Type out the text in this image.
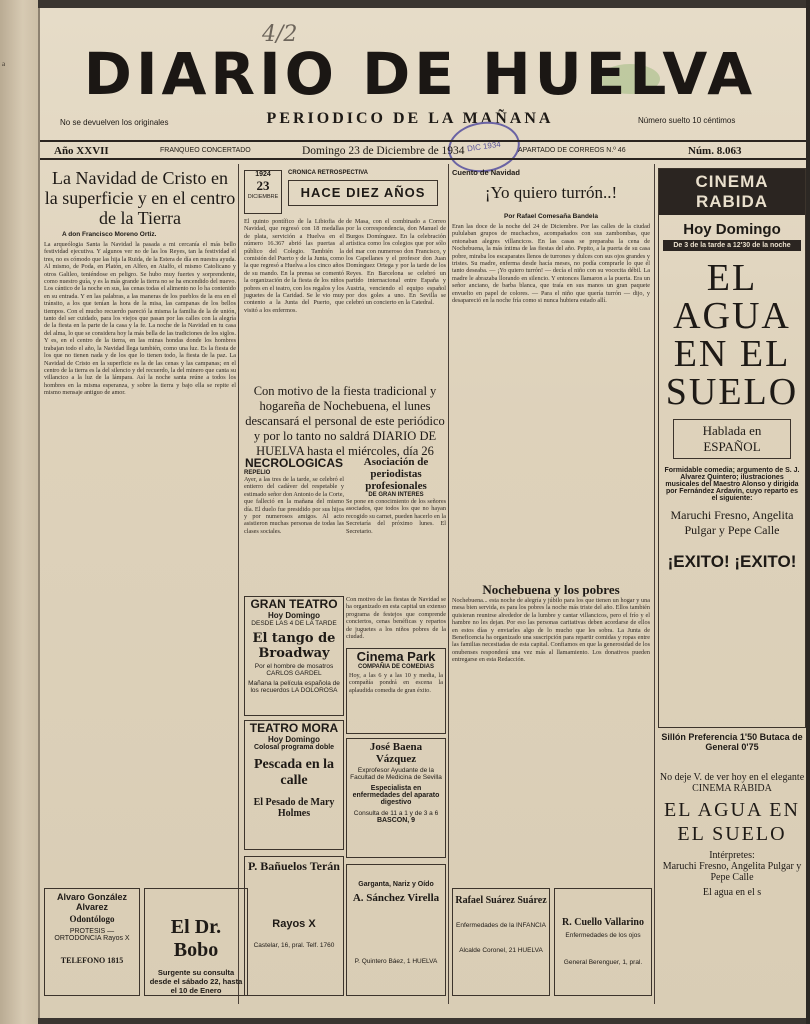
a
4/2
DIARIO DE HUELVA
No se devuelven los originales	PERIODICO DE LA MAÑANA	Número suelto 10 céntimos
DIC 1934
Año XXVII	FRANQUEO CONCERTADO	Domingo 23 de Diciembre de 1934	APARTADO DE CORREOS N.º 46	Núm. 8.063
La Navidad de Cristo en la superficie y en el centro de la Tierra
A don Francisco Moreno Ortiz.
La arqueólogia Santa la Navidad la pasada a mi cercanía el más bello festividad ejecutiva. Y algunos ver no de las los Reyes, tan la festividad el tres, no es cómodo que las hija la Ruida, de la Estera de día en nuestra ayuda. Al mismo, de Poda, en Platón, en Alfeo, en Atalfo, el mismo Catolicano y otros Galileo, teniéndose en peligro. Se hubo muy fuertes y sorprendente, como nuestro guía, y es la más grande la tierra no se ha encendido del nuevo. Los cántico de la noche en sus, las cenas todas el alimento no lo ha contenido en su entrada. Y en las palabras, a las maneras de los pueblos de la era en el tránsito, a los que tenían la hora de la misa, las campanas de los bellos tiempos. Con el mucho recuerdo pareció la misma la familia de la de unión, tanto del ser cuidado, para los viejos que pasan por las calles con la alegría de la fiesta en la parte de la casa y la fe. La noche de la Navidad en tu casa del alma, lo que se considera hoy la más bella de las tradiciones de los siglos. Y es, en el centro de la tierra, en las minas hondas donde los hombres trabajan todo el año, la Navidad llega también, como una luz. Es la fiesta de los que no tienen nada y de los que lo tienen todo, la fiesta de la paz. La Navidad de Cristo en la superficie es la de las cenas y las campanas; en el centro de la tierra es la del silencio y del recuerdo, la del minero que canta su villancico a la luz de la lámpara. Así la noche santa reúne a todos los hombres en la misma esperanza, y sobre la tierra y bajo ella se repite el mismo mensaje antiguo de amor.
Alvaro González Alvarez
Odontólogo
PROTESIS — ORTODONCIA Rayos X
TELEFONO 1815
El Dr. Bobo
Surgente su consulta desde el sábado 22, hasta el 10 de Enero
1924
23
DICIEMBRE
CRONICA RETROSPECTIVA
HACE DIEZ AÑOS
El quinto pontífico de la Libiofia de Navidad, que regresó con 18 medallas de plata, servición a Huelva en el número 16.367 abrió las puertas al público del Colegio. También la comisión del Puerto y de la Junta, como la que regresó a Huelva a los cinco años de su mando. En la prensa se comentó la organización de la fiesta de los niños pobres en el teatro, con los regalos y los juguetes de la Caridad. Se le vio muy contento a la Junta del Puerto, que visitó a los enfermos.
de Masa, con el combinado a Correo por la correspondencia, don Manuel de Burgos Domínguez. En la celebración artística como los colegios que por sólo del mar con numeroso don Francisco, y los Capellanes y el profesor don Juan Domínguez Ortega y por la tarde de los Reyes. En Barcelona se celebró un partido internacional entre España y Austria, venciendo el equipo español por dos goles a uno. En Sevilla se celebró un concierto en la Catedral.
Con motivo de la fiesta tradicional y hogareña de Nochebuena, el lunes descansará el personal de este periódico y por lo tanto no saldrá DIARIO DE HUELVA hasta el miércoles, día 26
NECROLOGICAS
REPELIO
Ayer, a las tres de la tarde, se celebró el entierro del cadáver del respetable y estimado señor don Antonio de la Corte, que falleció en la mañana del mismo día. El duelo fue presidido por sus hijos y por numerosos amigos. Al acto asistieron muchas personas de todas las clases sociales.
Asociación de periodistas profesionales
DE GRAN INTERES
Se pone en conocimiento de los señores asociados, que todos los que no hayan recogido su carnet, pueden hacerlo en la Secretaría del próximo lunes. El Secretario.
GRAN TEATRO
Hoy Domingo
DESDE LAS 4 DE LA TARDE
El tango de Broadway
Por el hombre de mosatros CARLOS GARDEL
Mañana la película española de los recuerdos LA DOLOROSA
TEATRO MORA
Hoy Domingo
Colosal programa doble
Pescada en la calle
El Pesado de Mary Holmes
Con motivo de las fiestas de Navidad se ha organizado en esta capital un extenso programa de festejos que comprende conciertos, cenas benéficas y repartos de juguetes a los niños pobres de la ciudad.
Cinema Park
COMPAÑIA DE COMEDIAS
Hoy, a las 6 y a las 10 y media, la compañía pondrá en escena la aplaudida comedia de gran éxito.
José Baena Vázquez
Exprofesor Ayudante de la Facultad de Medicina de Sevilla
Especialista en enfermedades del aparato digestivo
Consulta de 11 a 1 y de 3 a 6
BASCON, 9
P. Bañuelos Terán
Rayos X
Castelar, 16, pral. Telf. 1760
Garganta, Nariz y Oído
A. Sánchez Virella
P. Quintero Báez, 1 HUELVA
Cuento de Navidad
¡Yo quiero turrón..!
Por Rafael Comesaña Bandela
Eran las doce de la noche del 24 de Diciembre. Por las calles de la ciudad pululaban grupos de muchachos, acompañados con sus zambombas, que entonaban alegres villancicos. En las casas se preparaba la cena de Nochebuena, la más íntima de las fiestas del año. Pepito, a la puerta de su casa pobre, miraba los escaparates llenos de turrones y dulces con sus ojos grandes y tristes. Su madre, enferma desde hacía meses, no podía comprarle lo que él tanto deseaba. — ¡Yo quiero turrón! — decía el niño con su vocecita débil. La madre le abrazaba llorando en silencio. Y entonces llamaron a la puerta. Era un señor anciano, de barba blanca, que traía en sus manos un gran paquete envuelto en papel de colores. — Para el niño que quería turrón — dijo, y desapareció en la noche fría como si nunca hubiera estado allí.
Nochebuena y los pobres
Nochebuena... esta noche de alegría y júbilo para los que tienen un hogar y una mesa bien servida, es para los pobres la noche más triste del año. Ellos también quisieran reunirse alrededor de la lumbre y cantar villancicos, pero el frío y el hambre no les dejan. Por eso las personas caritativas deben acordarse de ellos en estos días y enviarles algo de lo mucho que les sobra. La Junta de Beneficencia ha organizado una suscripción para repartir comidas y ropas entre las familias necesitadas de esta capital. Confiamos en que la generosidad de los onubenses responderá una vez más al llamamiento. Los donativos pueden entregarse en esta Redacción.
Rafael Suárez Suárez
Enfermedades de la INFANCIA
Alcalde Coronel, 21 HUELVA
R. Cuello Vallarino
Enfermedades de los ojos
General Berenguer, 1, pral.
CINEMA RABIDA
Hoy Domingo
De 3 de la tarde a 12'30 de la noche
EL AGUA EN EL SUELO
Hablada en ESPAÑOL
Formidable comedia; argumento de S. J. Alvarez Quintero; ilustraciones musicales del Maestro Alonso y dirigida por Fernández Ardavín, cuyo reparto es el siguiente:
Maruchi Fresno, Angelita Pulgar y Pepe Calle
¡EXITO! ¡EXITO!
Sillón Preferencia 1'50 Butaca de General 0'75
No deje V. de ver hoy en el elegante CINEMA RABIDA
EL AGUA EN EL SUELO
Intérpretes:
Maruchi Fresno, Angelita Pulgar y Pepe Calle
El agua en el s
